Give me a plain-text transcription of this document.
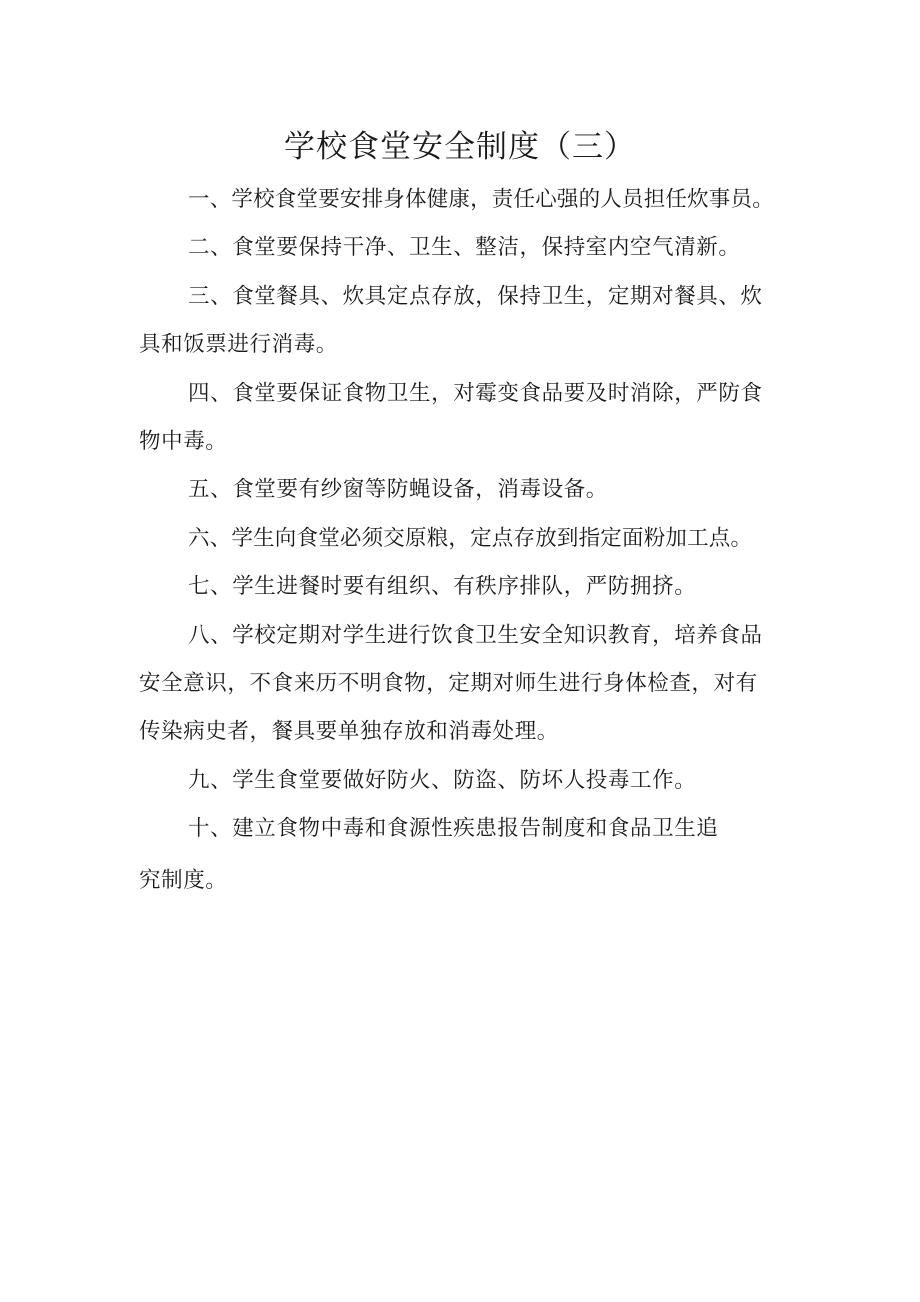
学校食堂安全制度（三）

一、学校食堂要安排身体健康，责任心强的人员担任炊事员。

二、食堂要保持干净、卫生、整洁，保持室内空气清新。

三、食堂餐具、炊具定点存放，保持卫生，定期对餐具、炊
具和饭票进行消毒。

四、食堂要保证食物卫生，对霉变食品要及时消除，严防食
物中毒。

五、食堂要有纱窗等防蝇设备，消毒设备。

六、学生向食堂必须交原粮，定点存放到指定面粉加工点。

七、学生进餐时要有组织、有秩序排队，严防拥挤。

八、学校定期对学生进行饮食卫生安全知识教育，培养食品
安全意识，不食来历不明食物，定期对师生进行身体检查，对有
传染病史者，餐具要单独存放和消毒处理。

九、学生食堂要做好防火、防盗、防坏人投毒工作。

十、建立食物中毒和食源性疾患报告制度和食品卫生追
究制度。
